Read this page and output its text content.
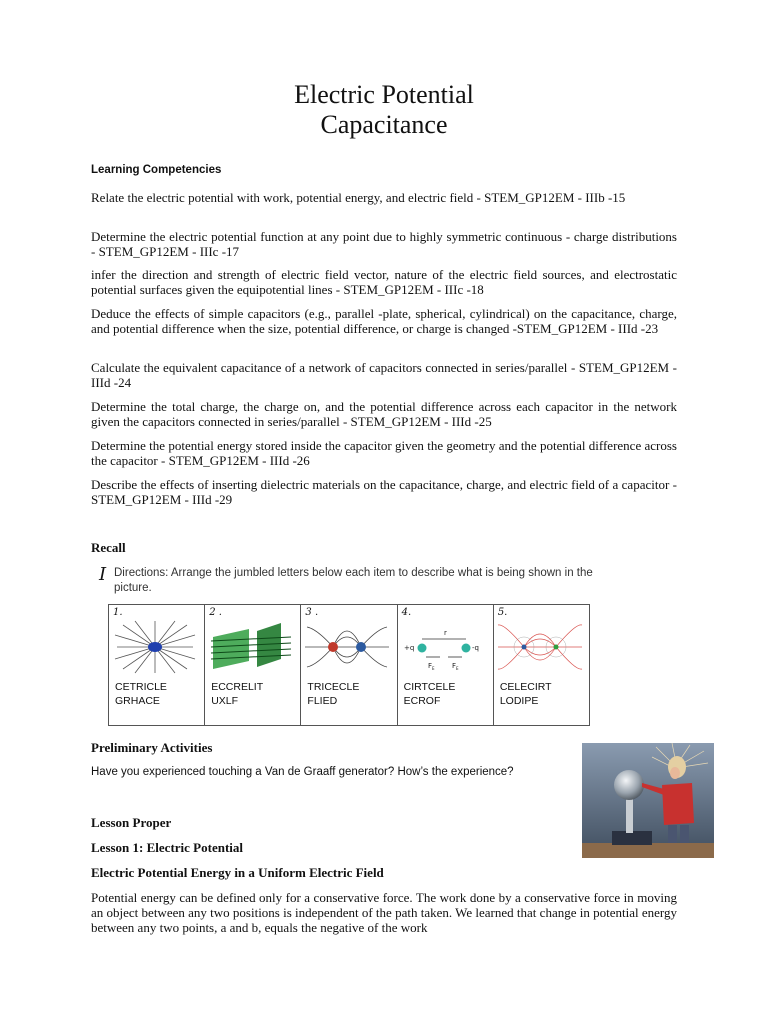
Electric Potential
Capacitance
Learning Competencies
Relate the electric potential with work, potential energy, and electric field - STEM_GP12EM - IIIb -15
Determine the electric potential function at any point due to highly symmetric continuous - charge distributions - STEM_GP12EM - IIIc -17
infer the direction and strength of electric field vector, nature of the electric field sources, and electrostatic potential surfaces given the equipotential lines - STEM_GP12EM - IIIc -18
Deduce the effects of simple capacitors (e.g., parallel -plate, spherical, cylindrical) on the capacitance, charge, and potential difference when the size, potential difference, or charge is changed -STEM_GP12EM - IIId -23
Calculate the equivalent capacitance of a network of capacitors connected in series/parallel - STEM_GP12EM - IIId -24
Determine the total charge, the charge on, and the potential difference across each capacitor in the network given the capacitors connected in series/parallel - STEM_GP12EM - IIId -25
Determine the potential energy stored inside the capacitor given the geometry and the potential difference across the capacitor - STEM_GP12EM - IIId -26
Describe the effects of inserting dielectric materials on the capacitance, charge, and electric field of a capacitor -STEM_GP12EM - IIId -29
Recall
I Directions: Arrange the jumbled letters below each item to describe what is being shown in the picture.
1.
CETRICLE
GRHACE
2 .
ECCRELIT
UXLF
3 .
TRICECLE
FLIED
4.
+q	-q
r
F E F E
CIRTCELE
ECROF
5.
CELECIRT
LODIPE
Preliminary Activities
Have you experienced touching a Van de Graaff generator? How’s the experience?
Lesson Proper
Lesson 1: Electric Potential
Electric Potential Energy in a Uniform Electric Field
Potential energy can be defined only for a conservative force. The work done by a conservative force in moving an object between any two positions is independent of the path taken. We learned that change in potential energy between any two points, a and b, equals the negative of the work
